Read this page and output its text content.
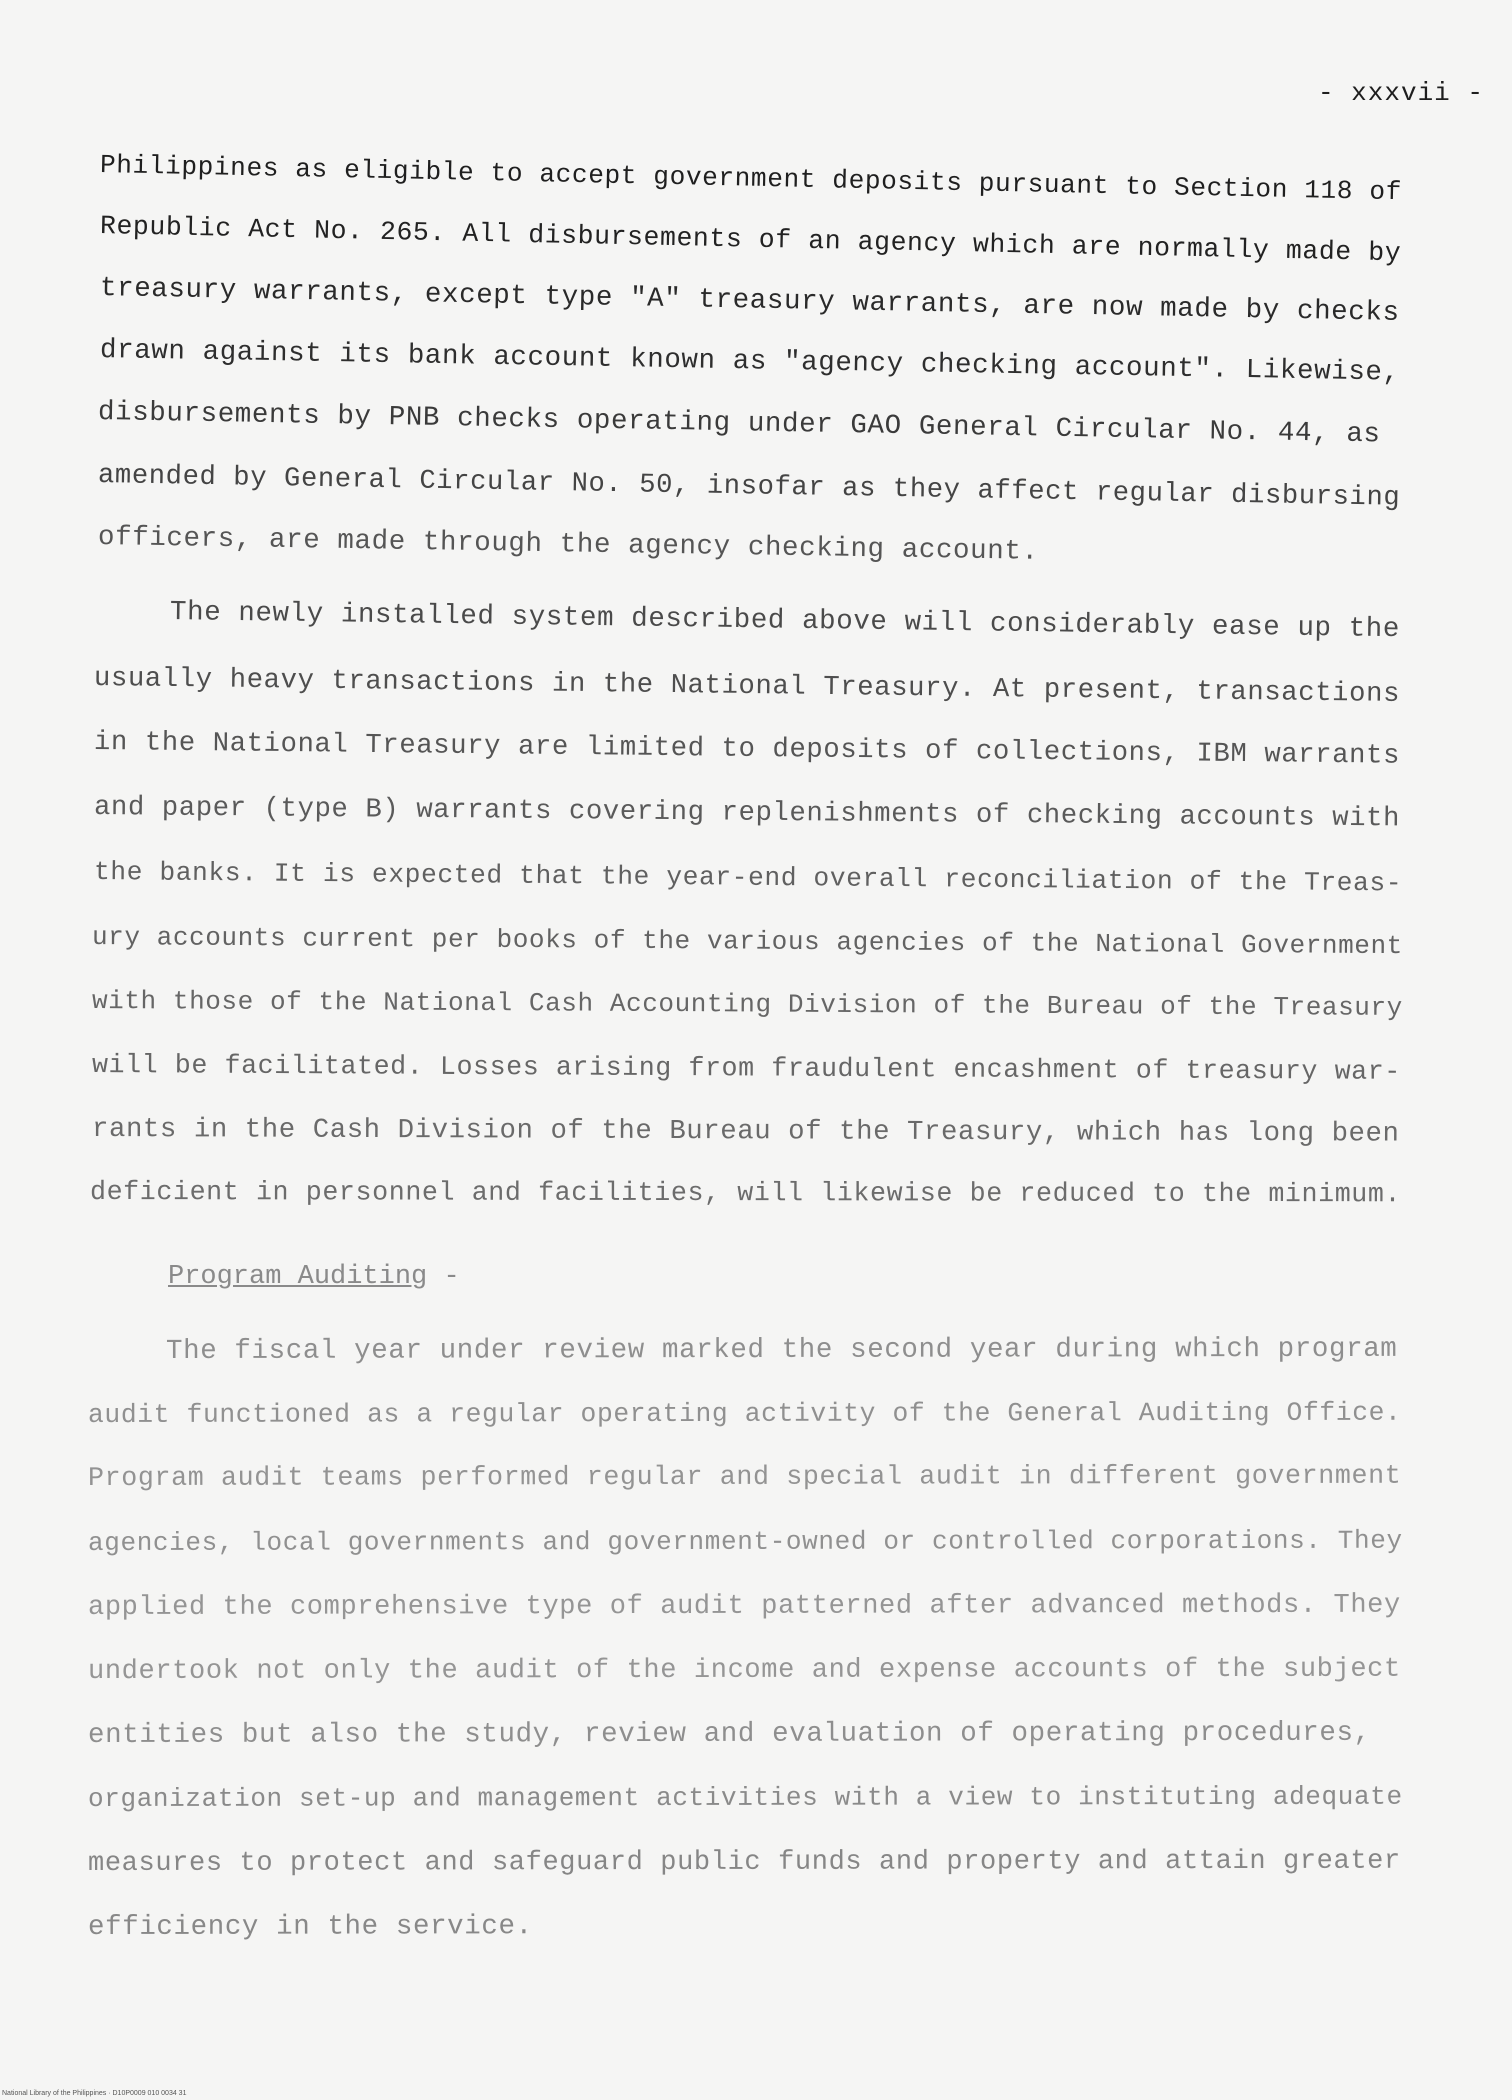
- xxxvii -
Philippines as eligible to accept government deposits pursuant to Section 118 of
Republic Act No. 265. All disbursements of an agency which are normally made by
treasury warrants, except type "A" treasury warrants, are now made by checks
drawn against its bank account known as "agency checking account". Likewise,
disbursements by PNB checks operating under GAO General Circular No. 44, as
amended by General Circular No. 50, insofar as they affect regular disbursing
officers, are made through the agency checking account.
The newly installed system described above will considerably ease up the
usually heavy transactions in the National Treasury. At present, transactions
in the National Treasury are limited to deposits of collections, IBM warrants
and paper (type B) warrants covering replenishments of checking accounts with
the banks. It is expected that the year-end overall reconciliation of the Treas-
ury accounts current per books of the various agencies of the National Government
with those of the National Cash Accounting Division of the Bureau of the Treasury
will be facilitated. Losses arising from fraudulent encashment of treasury war-
rants in the Cash Division of the Bureau of the Treasury, which has long been
deficient in personnel and facilities, will likewise be reduced to the minimum.
Program Auditing -
The fiscal year under review marked the second year during which program
audit functioned as a regular operating activity of the General Auditing Office.
Program audit teams performed regular and special audit in different government
agencies, local governments and government-owned or controlled corporations. They
applied the comprehensive type of audit patterned after advanced methods. They
undertook not only the audit of the income and expense accounts of the subject
entities but also the study, review and evaluation of operating procedures,
organization set-up and management activities with a view to instituting adequate
measures to protect and safeguard public funds and property and attain greater
efficiency in the service.
National Library of the Philippines · D10P0009 010 0034 31
